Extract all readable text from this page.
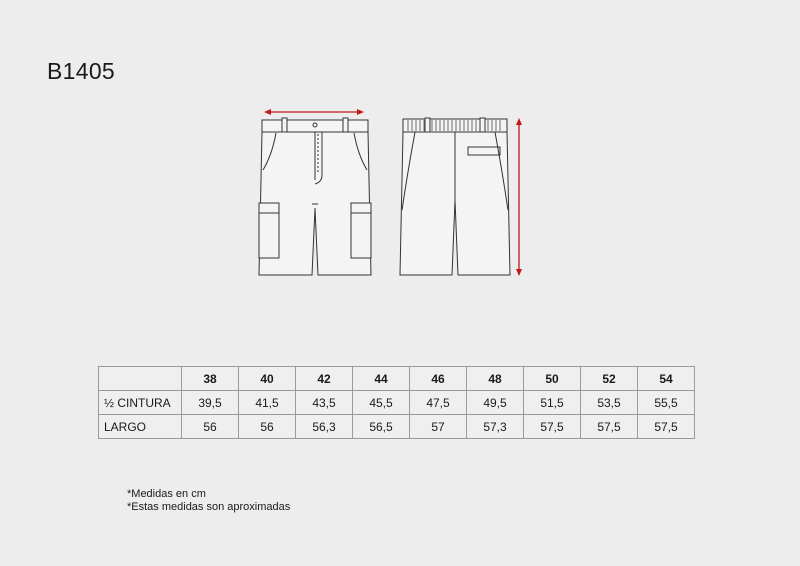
B1405
	38	40	42	44	46	48	50	52	54
½ CINTURA	39,5	41,5	43,5	45,5	47,5	49,5	51,5	53,5	55,5
LARGO	56	56	56,3	56,5	57	57,3	57,5	57,5	57,5
*Medidas en cm
*Estas medidas son aproximadas
